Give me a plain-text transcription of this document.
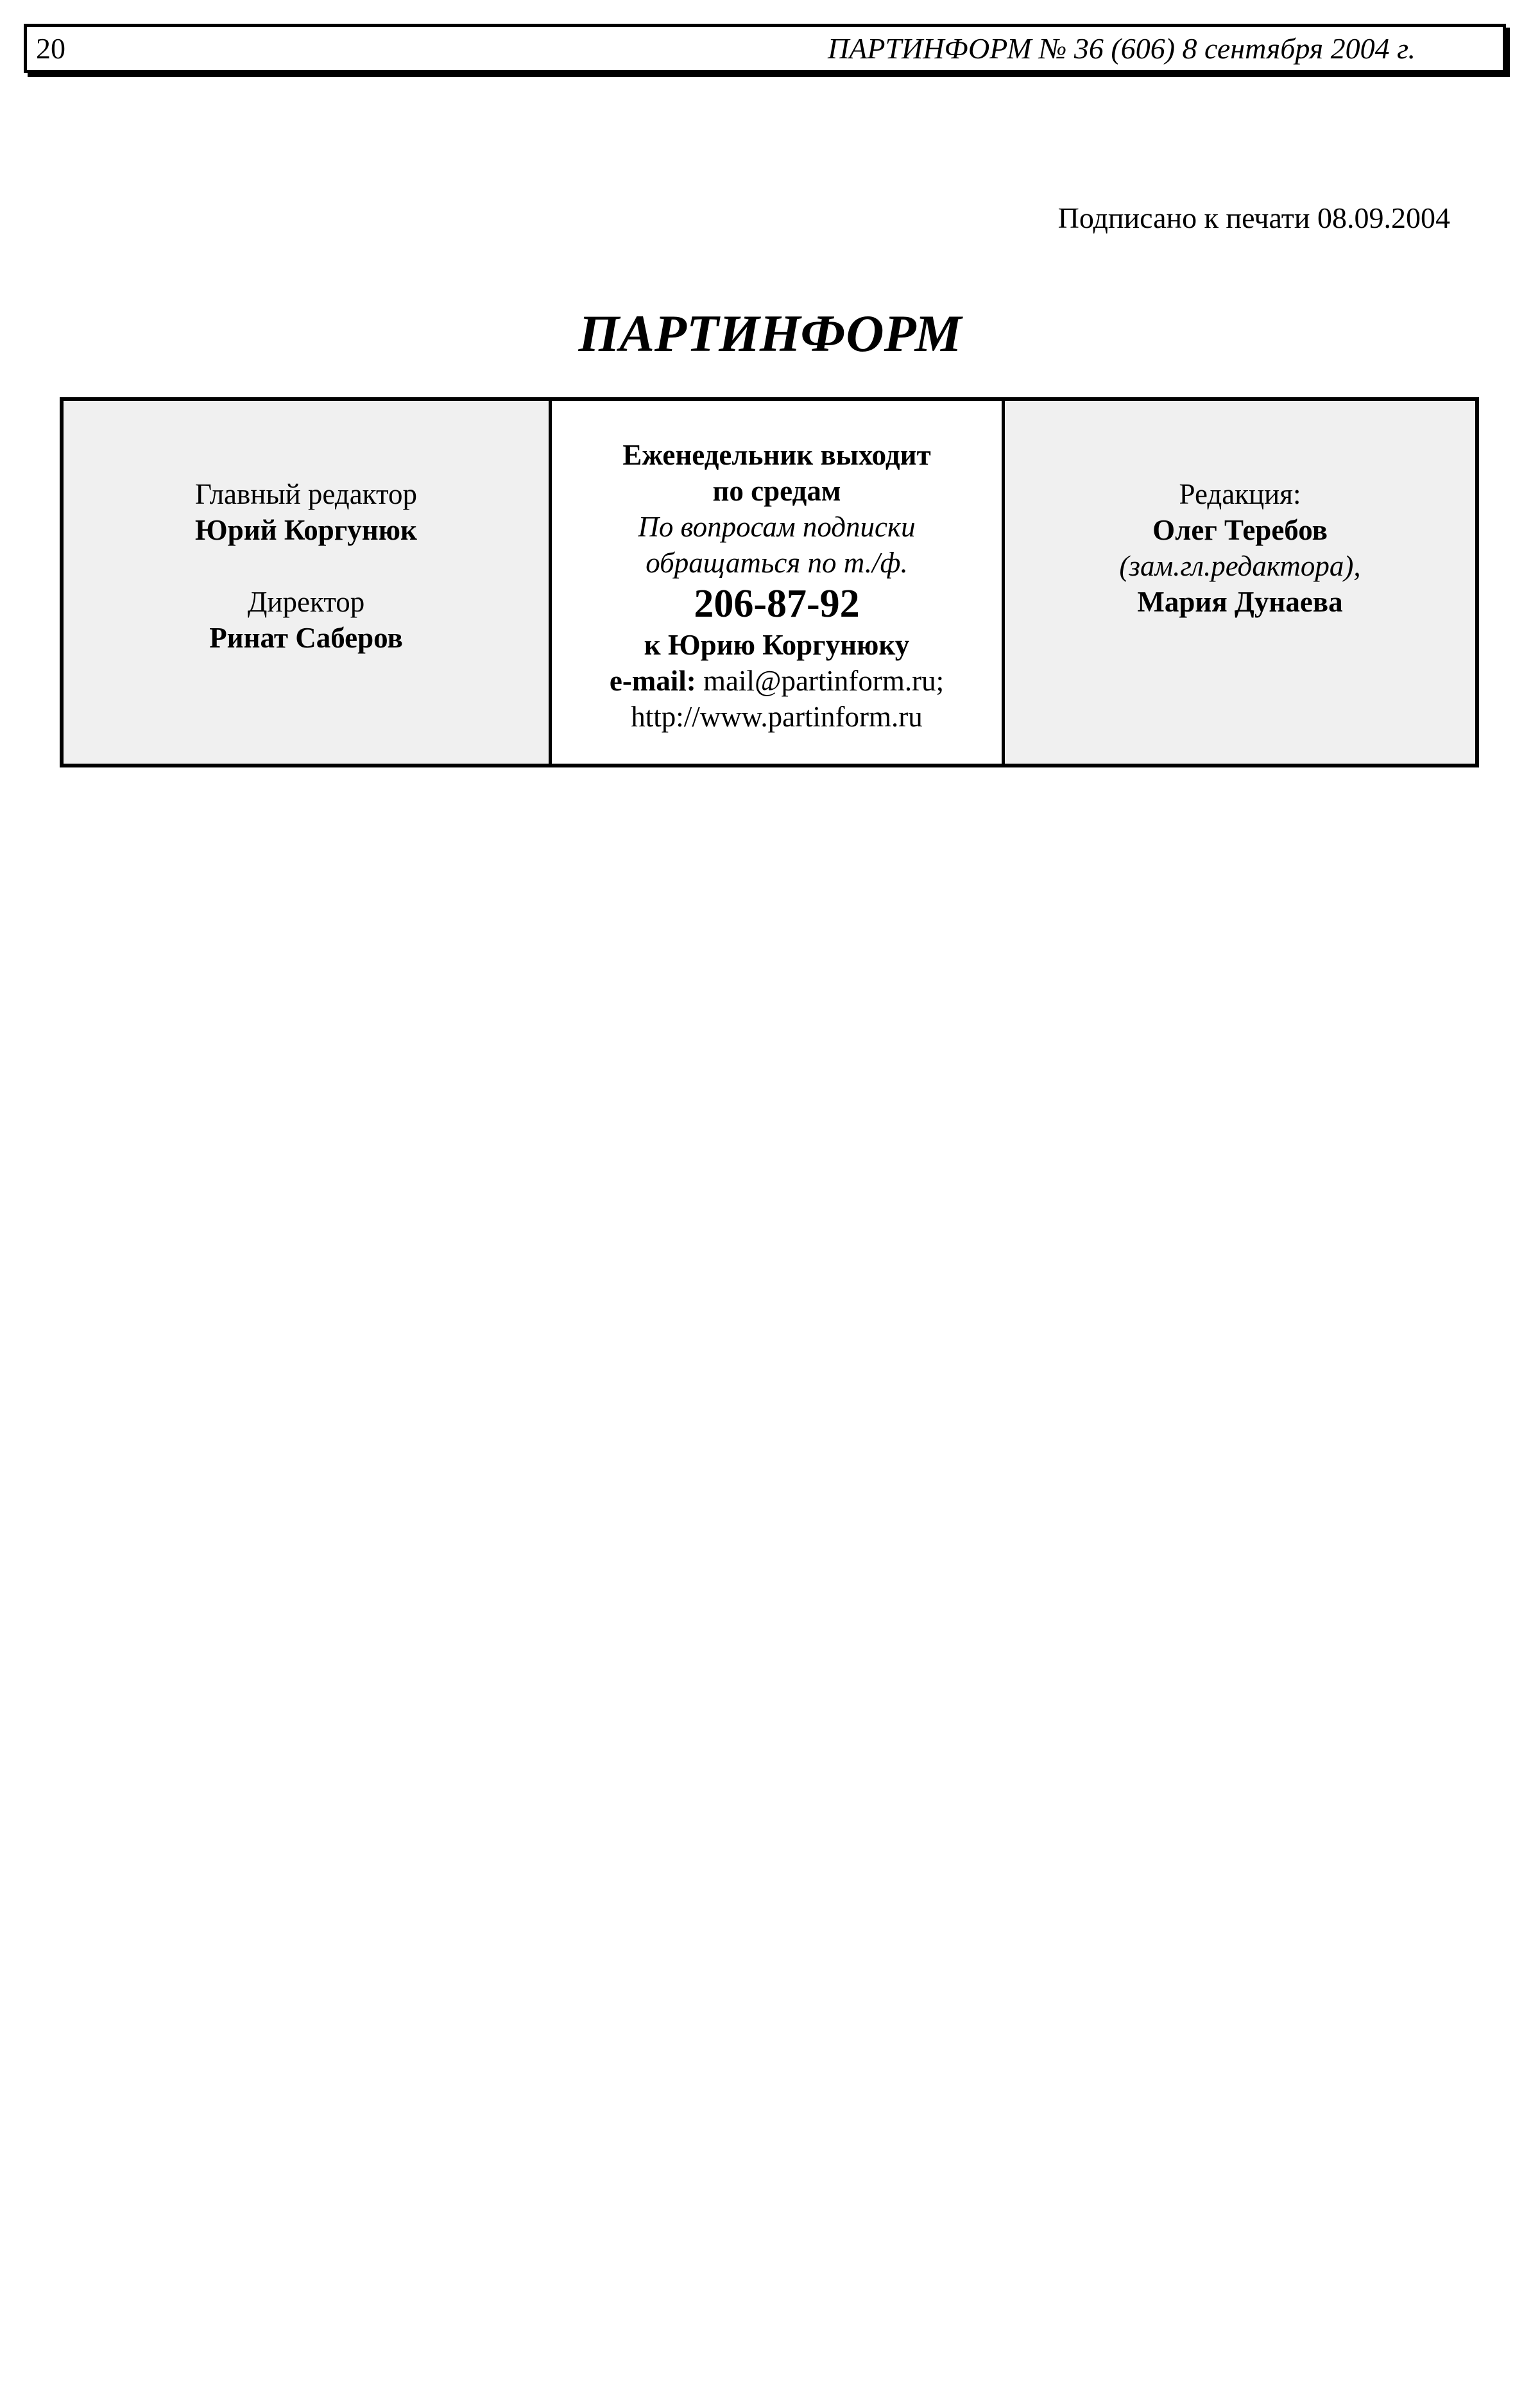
20	ПАРТИНФОРМ № 36 (606) 8 сентября 2004 г.
Подписано к печати 08.09.2004
ПАРТИНФОРМ
Главный редактор
Юрий Коргунюк
Директор
Ринат Саберов
Еженедельник выходит
по средам
По вопросам подписки
обращаться по т./ф.
206-87-92
к Юрию Коргунюку
e-mail: mail@partinform.ru;
http://www.partinform.ru
Редакция:
Олег Теребов
(зам.гл.редактора),
Мария Дунаева
